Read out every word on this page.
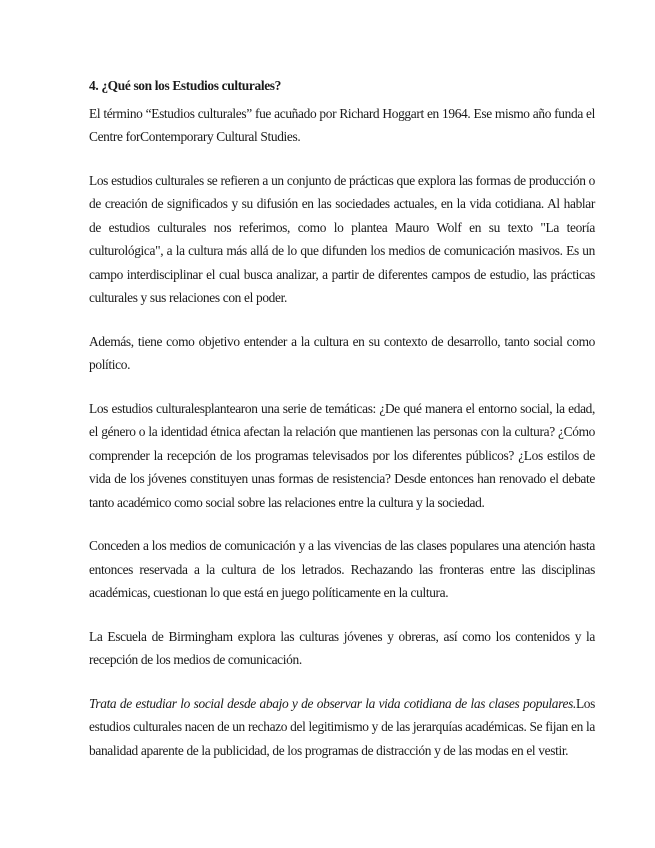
4. ¿Qué son los Estudios culturales?

El término “Estudios culturales” fue acuñado por Richard Hoggart en 1964. Ese mismo año funda el Centre forContemporary Cultural Studies.

Los estudios culturales se refieren a un conjunto de prácticas que explora las formas de producción o de creación de significados y su difusión en las sociedades actuales, en la vida cotidiana. Al hablar de estudios culturales nos referimos, como lo plantea Mauro Wolf en su texto "La teoría culturológica", a la cultura más allá de lo que difunden los medios de comunicación masivos. Es un campo interdisciplinar el cual busca analizar, a partir de diferentes campos de estudio, las prácticas culturales y sus relaciones con el poder.

Además, tiene como objetivo entender a la cultura en su contexto de desarrollo, tanto social como político.

Los estudios culturalesplantearon una serie de temáticas: ¿De qué manera el entorno social, la edad, el género o la identidad étnica afectan la relación que mantienen las personas con la cultura? ¿Cómo comprender la recepción de los programas televisados por los diferentes públicos? ¿Los estilos de vida de los jóvenes constituyen unas formas de resistencia? Desde entonces han renovado el debate tanto académico como social sobre las relaciones entre la cultura y la sociedad.

Conceden a los medios de comunicación y a las vivencias de las clases populares una atención hasta entonces reservada a la cultura de los letrados. Rechazando las fronteras entre las disciplinas académicas, cuestionan lo que está en juego políticamente en la cultura.

La Escuela de Birmingham explora las culturas jóvenes y obreras, así como los contenidos y la recepción de los medios de comunicación.

Trata de estudiar lo social desde abajo y de observar la vida cotidiana de las clases populares.Los estudios culturales nacen de un rechazo del legitimismo y de las jerarquías académicas. Se fijan en la banalidad aparente de la publicidad, de los programas de distracción y de las modas en el vestir.
